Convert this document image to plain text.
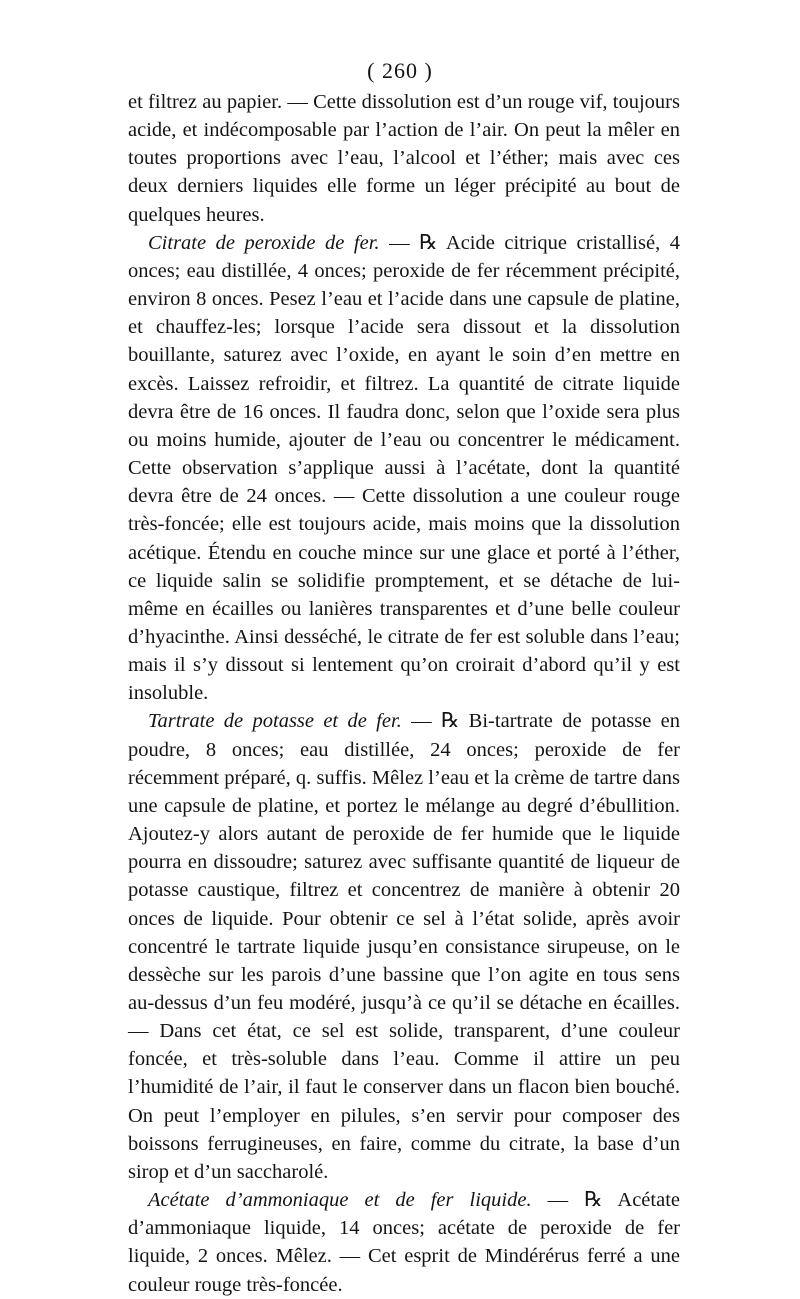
( 260 )

et filtrez au papier. — Cette dissolution est d’un rouge vif, toujours acide, et indécomposable par l’action de l’air. On peut la mêler en toutes proportions avec l’eau, l’alcool et l’éther; mais avec ces deux derniers liquides elle forme un léger précipité au bout de quelques heures.

Citrate de peroxide de fer. — ℞ Acide citrique cristallisé, 4 onces; eau distillée, 4 onces; peroxide de fer récemment précipité, environ 8 onces. Pesez l’eau et l’acide dans une capsule de platine, et chauffez-les; lorsque l’acide sera dissout et la dissolution bouillante, saturez avec l’oxide, en ayant le soin d’en mettre en excès. Laissez refroidir, et filtrez. La quantité de citrate liquide devra être de 16 onces. Il faudra donc, selon que l’oxide sera plus ou moins humide, ajouter de l’eau ou concentrer le médicament. Cette observation s’applique aussi à l’acétate, dont la quantité devra être de 24 onces. — Cette dissolution a une couleur rouge très-foncée; elle est toujours acide, mais moins que la dissolution acétique. Étendu en couche mince sur une glace et porté à l’éther, ce liquide salin se solidifie promptement, et se détache de lui-même en écailles ou lanières transparentes et d’une belle couleur d’hyacinthe. Ainsi desséché, le citrate de fer est soluble dans l’eau; mais il s’y dissout si lentement qu’on croirait d’abord qu’il y est insoluble.

Tartrate de potasse et de fer. — ℞ Bi-tartrate de potasse en poudre, 8 onces; eau distillée, 24 onces; peroxide de fer récemment préparé, q. suffis. Mêlez l’eau et la crème de tartre dans une capsule de platine, et portez le mélange au degré d’ébullition. Ajoutez-y alors autant de peroxide de fer humide que le liquide pourra en dissoudre; saturez avec suffisante quantité de liqueur de potasse caustique, filtrez et concentrez de manière à obtenir 20 onces de liquide. Pour obtenir ce sel à l’état solide, après avoir concentré le tartrate liquide jusqu’en consistance sirupeuse, on le dessèche sur les parois d’une bassine que l’on agite en tous sens au-dessus d’un feu modéré, jusqu’à ce qu’il se détache en écailles. — Dans cet état, ce sel est solide, transparent, d’une couleur foncée, et très-soluble dans l’eau. Comme il attire un peu l’humidité de l’air, il faut le conserver dans un flacon bien bouché. On peut l’employer en pilules, s’en servir pour composer des boissons ferrugineuses, en faire, comme du citrate, la base d’un sirop et d’un saccharolé.

Acétate d’ammoniaque et de fer liquide. — ℞ Acétate d’ammoniaque liquide, 14 onces; acétate de peroxide de fer liquide, 2 onces. Mêlez. — Cet esprit de Mindérérus ferré a une couleur rouge très-foncée.
